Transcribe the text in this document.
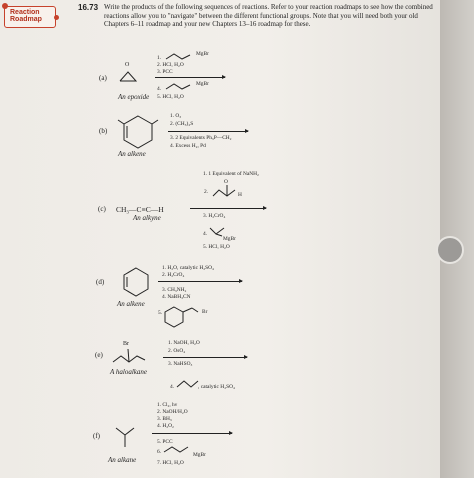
Reaction
Roadmap
16.73 Write the products of the following sequences of reactions. Refer to your reaction roadmaps to see how the combined reactions allow you to "navigate" between the different functional groups. Note that you will need both your old Chapters 6–11 roadmap and your new Chapters 13–16 roadmap for these.
(a)
O
An epoxide
1.
MgBr
2. HCl, H₂O
3. PCC
4.
MgBr
5. HCl, H₂O
(b)
An alkene
1. O₃
2. (CH₃)₂S
3. 2 Equivalents Ph₃P—CH₂
4. Excess H₂, Pd
1. 1 Equivalent of NaNH₂
2.
O
H
(c) CH₃—C≡C—H
An alkyne	3. H₂CrO₄
4.
MgBr
5. HCl, H₂O
(d)
An alkene
1. H₂O, catalytic H₂SO₄
2. H₂CrO₄
3. CH₃NH₂
4. NaBH₃CN
5.	Br
(e)
Br
A haloalkane
1. NaOH, H₂O
2. OsO₄
3. NaHSO₃
4.	, catalytic H₂SO₄
(f)
An alkane
1. Cl₂, hν
2. NaOH/H₂O
3. BH₃
4. H₂O₂
5. PCC
6.	MgBr
7. HCl, H₂O
